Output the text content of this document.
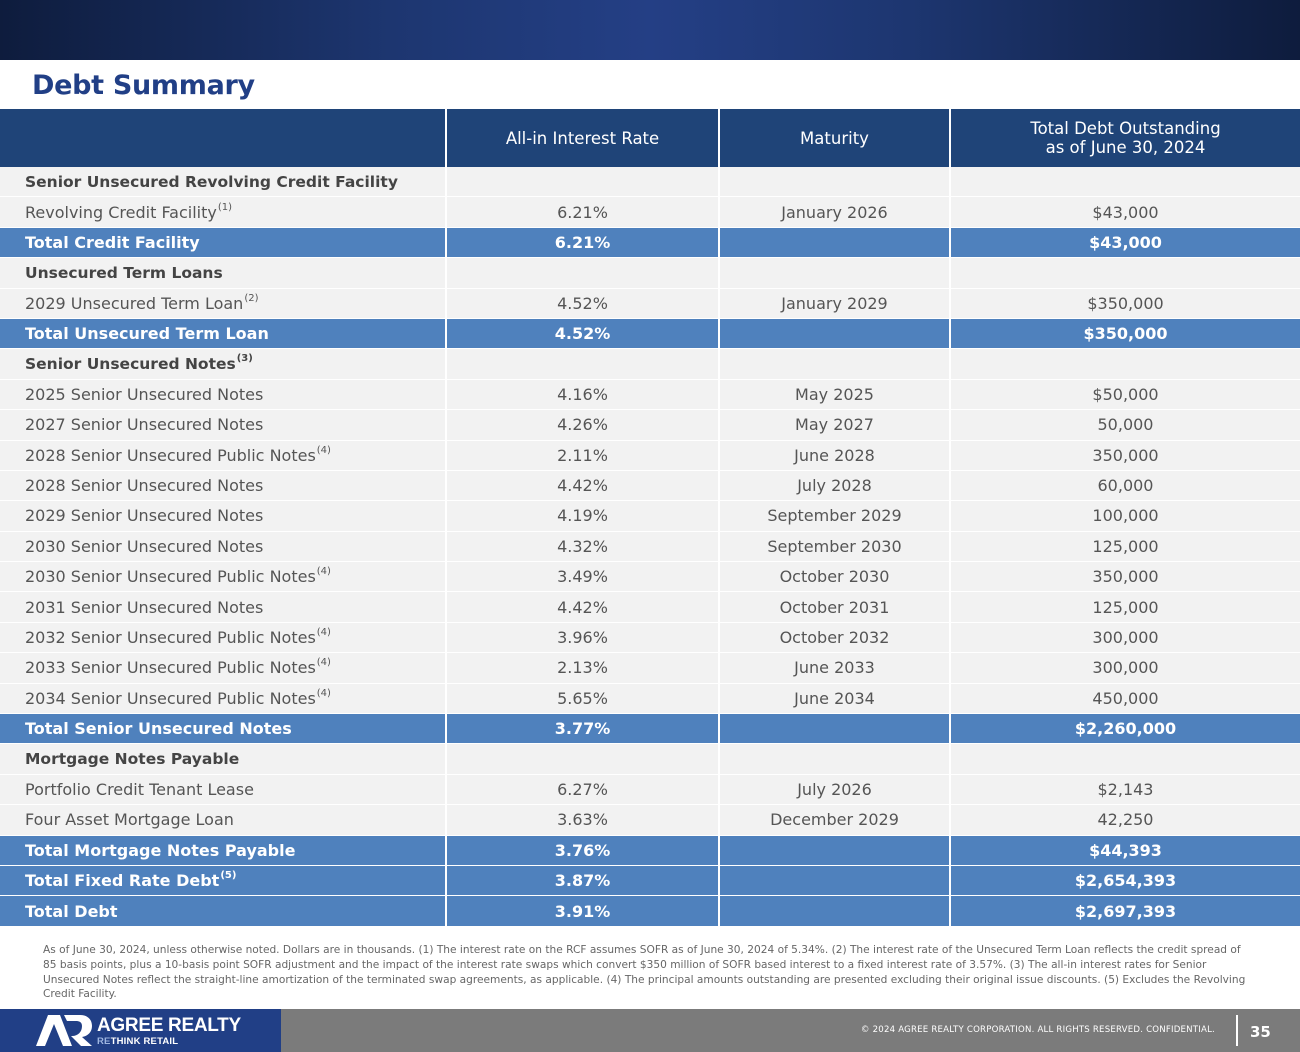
Debt Summary
	All-in Interest Rate	Maturity	Total Debt Outstanding
as of June 30, 2024
Senior Unsecured Revolving Credit Facility			
Revolving Credit Facility$^{(1)}$	6.21%	January 2026	$43,000
Total Credit Facility	6.21%		$43,000
Unsecured Term Loans			
2029 Unsecured Term Loan$^{(2)}$	4.52%	January 2029	$350,000
Total Unsecured Term Loan	4.52%		$350,000
Senior Unsecured Notes$^{(3)}$			
2025 Senior Unsecured Notes	4.16%	May 2025	$50,000
2027 Senior Unsecured Notes	4.26%	May 2027	50,000
2028 Senior Unsecured Public Notes$^{(4)}$	2.11%	June 2028	350,000
2028 Senior Unsecured Notes	4.42%	July 2028	60,000
2029 Senior Unsecured Notes	4.19%	September 2029	100,000
2030 Senior Unsecured Notes	4.32%	September 2030	125,000
2030 Senior Unsecured Public Notes$^{(4)}$	3.49%	October 2030	350,000
2031 Senior Unsecured Notes	4.42%	October 2031	125,000
2032 Senior Unsecured Public Notes$^{(4)}$	3.96%	October 2032	300,000
2033 Senior Unsecured Public Notes$^{(4)}$	2.13%	June 2033	300,000
2034 Senior Unsecured Public Notes$^{(4)}$	5.65%	June 2034	450,000
Total Senior Unsecured Notes	3.77%		$2,260,000
Mortgage Notes Payable			
Portfolio Credit Tenant Lease	6.27%	July 2026	$2,143
Four Asset Mortgage Loan	3.63%	December 2029	42,250
Total Mortgage Notes Payable	3.76%		$44,393
Total Fixed Rate Debt$^{(5)}$	3.87%		$2,654,393
Total Debt	3.91%		$2,697,393
As of June 30, 2024, unless otherwise noted. Dollars are in thousands. (1) The interest rate on the RCF assumes SOFR as of June 30, 2024 of 5.34%. (2) The interest rate of the Unsecured Term Loan reflects the credit spread of 85 basis points, plus a 10-basis point SOFR adjustment and the impact of the interest rate swaps which convert $350 million of SOFR based interest to a fixed interest rate of 3.57%. (3) The all-in interest rates for Senior Unsecured Notes reflect the straight-line amortization of the terminated swap agreements, as applicable. (4) The principal amounts outstanding are presented excluding their original issue discounts. (5) Excludes the Revolving Credit Facility.
AGREE REALTY
RETHINK RETAIL
© 2024 AGREE REALTY CORPORATION. ALL RIGHTS RESERVED. CONFIDENTIAL. 35
